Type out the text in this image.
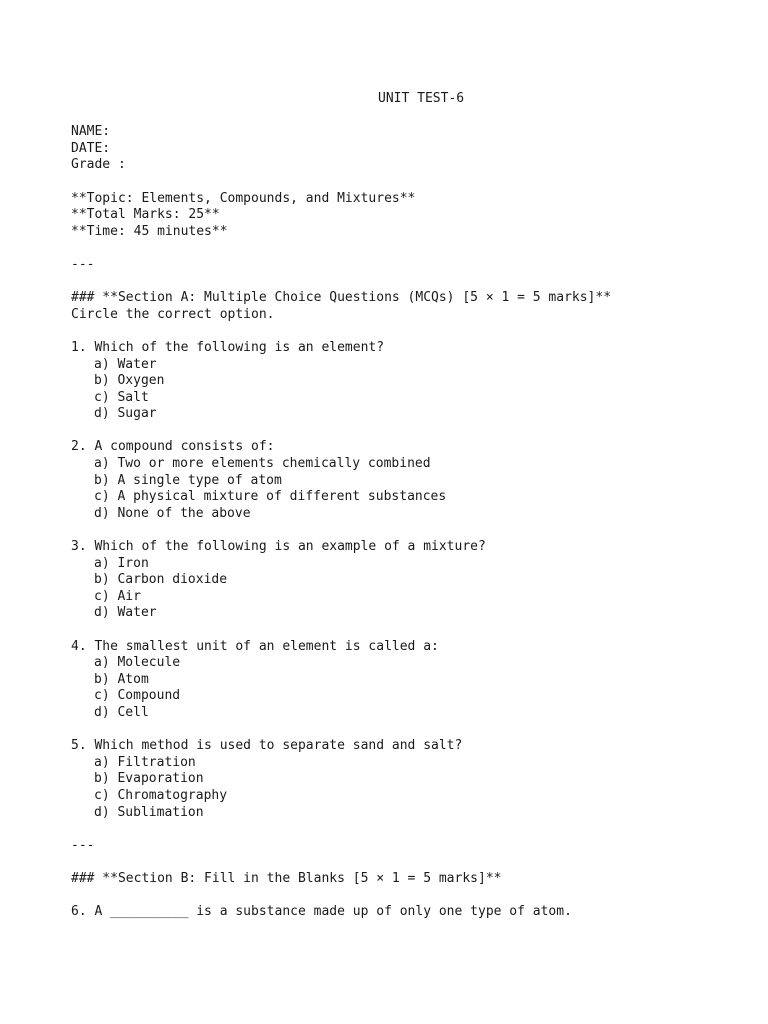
UNIT TEST-6
NAME:
DATE:
Grade :
**Topic: Elements, Compounds, and Mixtures**
**Total Marks: 25**
**Time: 45 minutes**
---
### **Section A: Multiple Choice Questions (MCQs) [5 × 1 = 5 marks]**
Circle the correct option.
1. Which of the following is an element?
a) Water
b) Oxygen
c) Salt
d) Sugar
2. A compound consists of:
a) Two or more elements chemically combined
b) A single type of atom
c) A physical mixture of different substances
d) None of the above
3. Which of the following is an example of a mixture?
a) Iron
b) Carbon dioxide
c) Air
d) Water
4. The smallest unit of an element is called a:
a) Molecule
b) Atom
c) Compound
d) Cell
5. Which method is used to separate sand and salt?
a) Filtration
b) Evaporation
c) Chromatography
d) Sublimation
---
### **Section B: Fill in the Blanks [5 × 1 = 5 marks]**
6. A __________ is a substance made up of only one type of atom.
